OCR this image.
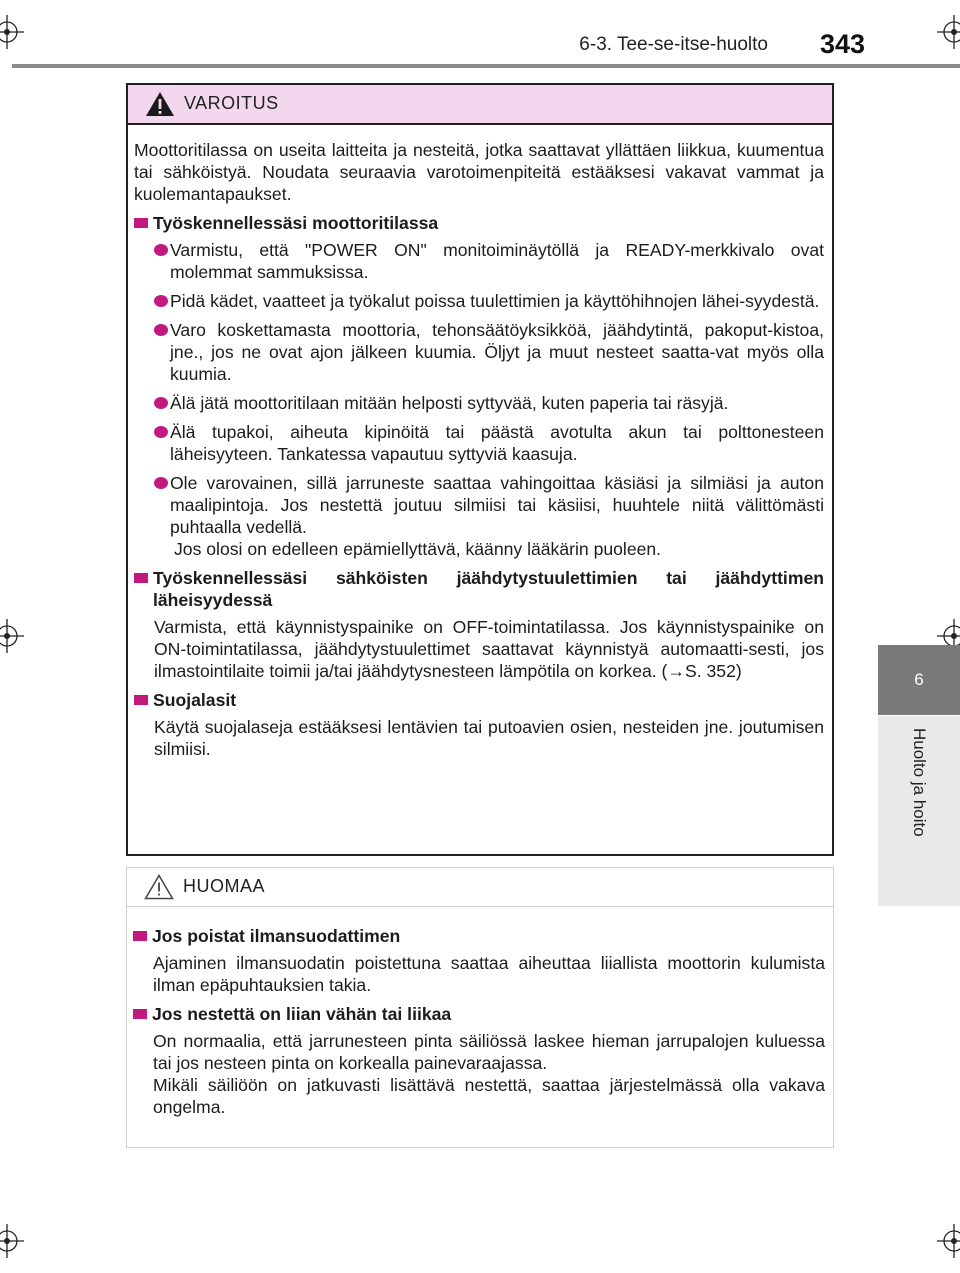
6-3. Tee-se-itse-huolto 343
6
Huolto ja hoito
VAROITUS

Moottoritilassa on useita laitteita ja nesteitä, jotka saattavat yllättäen liikkua, kuumentua tai sähköistyä. Noudata seuraavia varotoimenpiteitä estääksesi vakavat vammat ja kuolemantapaukset.

Työskennellessäsi moottoritilassa

Varmistu, että "POWER ON" monitoiminäytöllä ja READY-merkkivalo ovat molemmat sammuksissa.

Pidä kädet, vaatteet ja työkalut poissa tuulettimien ja käyttöhihnojen lähei-syydestä.

Varo koskettamasta moottoria, tehonsäätöyksikköä, jäähdytintä, pakoput-kistoa, jne., jos ne ovat ajon jälkeen kuumia. Öljyt ja muut nesteet saatta-vat myös olla kuumia.

Älä jätä moottoritilaan mitään helposti syttyvää, kuten paperia tai räsyjä.

Älä tupakoi, aiheuta kipinöitä tai päästä avotulta akun tai polttonesteen läheisyyteen. Tankatessa vapautuu syttyviä kaasuja.

Ole varovainen, sillä jarruneste saattaa vahingoittaa käsiäsi ja silmiäsi ja auton maalipintoja. Jos nestettä joutuu silmiisi tai käsiisi, huuhtele niitä välittömästi puhtaalla vedellä.

Jos olosi on edelleen epämiellyttävä, käänny lääkärin puoleen.

Työskennellessäsi sähköisten jäähdytystuulettimien tai jäähdyttimen läheisyydessä

Varmista, että käynnistyspainike on OFF-toimintatilassa. Jos käynnistyspainike on ON-toimintatilassa, jäähdytystuulettimet saattavat käynnistyä automaatti-sesti, jos ilmastointilaite toimii ja/tai jäähdytysnesteen lämpötila on korkea. (→S. 352)

Suojalasit

Käytä suojalaseja estääksesi lentävien tai putoavien osien, nesteiden jne. joutumisen silmiisi.

HUOMAA
Jos poistat ilmansuodattimen

Ajaminen ilmansuodatin poistettuna saattaa aiheuttaa liiallista moottorin kulumista ilman epäpuhtauksien takia.

Jos nestettä on liian vähän tai liikaa

On normaalia, että jarrunesteen pinta säiliössä laskee hieman jarrupalojen kuluessa tai jos nesteen pinta on korkealla painevaraajassa.

Mikäli säiliöön on jatkuvasti lisättävä nestettä, saattaa järjestelmässä olla vakava ongelma.
